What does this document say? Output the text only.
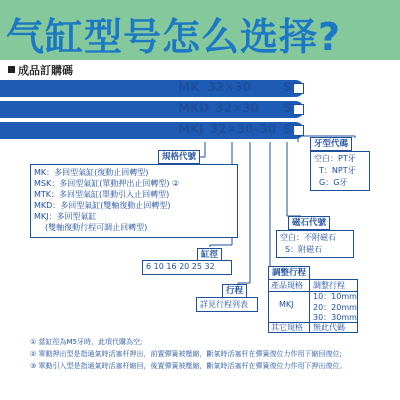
气缸型号怎么选择?
成品訂購碼
MK 32×30	S
MKD 32×30 S
MKJ 32×30–30 S
規格代號
MK：多回型氣缸(復動止回轉型)
MSK：多回型氣缸(單動押出止回轉型) ②
MTK：多回型氣缸(單動引入止回轉型)
MKD：多回型氣缸(雙軸復動止回轉型)
MKJ：多回型氣缸
(雙軸復動行程可調止回轉型)
牙型代碼
空白：PT牙
T：NPT牙
G：G牙
磁石代號
空白：不附磁石
S：附磁石
缸徑
6 10 16 20 25 32
行程
詳見行程列表
調整行程
產品規格 調整行程
MKJ
10：10mm
20：20mm
30：30mm
其它規格 無此代碼
① 當缸徑為M5牙時，此項代購為空;
② 單動押出型是指通氣時活塞杆押出，前置彈簧被壓縮，斷氣時活塞杆在彈簧復位力作用下縮回復位;
③ 單動引入型是指通氣時活塞杆縮回，後置彈簧被壓縮，斷氣時活塞杆在彈簧復位力作用下押出復位。
